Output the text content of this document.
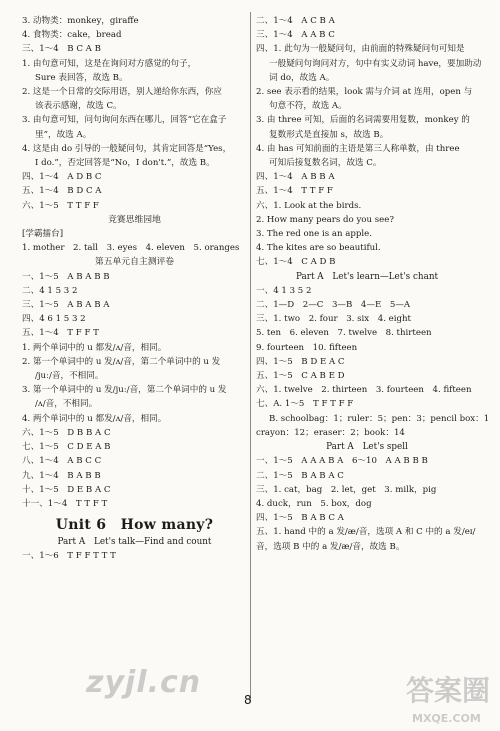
3. 动物类：monkey，giraffe
4. 食物类：cake，bread
三、1～4　B C A B
1. 由句意可知，这是在询问对方感觉的句子，
Sure 表回答，故选 B。
2. 这是一个日常的交际用语，别人递给你东西，你应
该表示感谢，故选 C。
3. 由句意可知，问句询问东西在哪儿，回答“它在盒子
里”，故选 A。
4. 这是由 do 引导的一般疑问句，其肯定回答是“Yes，
I do.”，否定回答是“No，I don't.”，故选 B。
四、1～4　A D B C
五、1～4　B D C A
六、1～5　T T F F
竞赛思维园地
[学霸擂台]
1. mother　2. tall　3. eyes　4. eleven　5. oranges
第五单元自主测评卷
一、1～5　A B A B B
二、4 1 5 3 2
三、1～5　A B A B A
四、4 6 1 5 3 2
五、1～4　T F F T
1. 两个单词中的 u 都发/ʌ/音，相同。
2. 第一个单词中的 u 发/ʌ/音，第二个单词中的 u 发
/juː/音，不相同。
3. 第一个单词中的 u 发/juː/音，第二个单词中的 u 发
/ʌ/音，不相同。
4. 两个单词中的 u 都发/ʌ/音，相同。
六、1～5　D B B A C
七、1～5　C D E A B
八、1～4　A B C C
九、1～4　B A B B
十、1～5　D E B A C
十一、1～4　T T F T
Unit 6　How many?
Part A　Let's talk—Find and count
一、1～6　T F F T T T
二、1～4　A C B A
三、1～4　A A B C
四、1. 此句为一般疑问句，由前面的特殊疑问句可知是
一般疑问句询问对方，句中有实义动词 have，要加助动
词 do，故选 A。
2. see 表示看的结果，look 需与介词 at 连用，open 与
句意不符，故选 A。
3. 由 three 可知，后面的名词需要用复数，monkey 的
复数形式是直接加 s，故选 B。
4. 由 has 可知前面的主语是第三人称单数，由 three
可知后接复数名词，故选 C。
四、1～4　A B B A
五、1～4　T T F F
六、1. Look at the birds.
2. How many pears do you see?
3. The red one is an apple.
4. The kites are so beautiful.
七、1～4　C A D B
Part A　Let's learn—Let's chant
一、4 1 3 5 2
二、1—D　2—C　3—B　4—E　5—A
三、1. two　2. four　3. six　4. eight
5. ten　6. eleven　7. twelve　8. thirteen
9. fourteen　10. fifteen
四、1～5　B D E A C
五、1～5　C A B E D
六、1. twelve　2. thirteen　3. fourteen　4. fifteen
七、A. 1～5　T F T F F
B. schoolbag：1；ruler：5；pen：3；pencil box：1
crayon：12；eraser：2；book：14
Part A　Let's spell
一、1～5　A A A B A　6～10　A A B B B
二、1～5　B A B A C
三、1. cat，bag　2. let，get　3. milk，pig
4. duck，run　5. box，dog
四、1～5　B A B C A
五、1. hand 中的 a 发/æ/音，选项 A 和 C 中的 a 发/eɪ/
音，选项 B 中的 a 发/æ/音，故选 B。
8
zyjl.cn	答案圈
MXQE.COM
